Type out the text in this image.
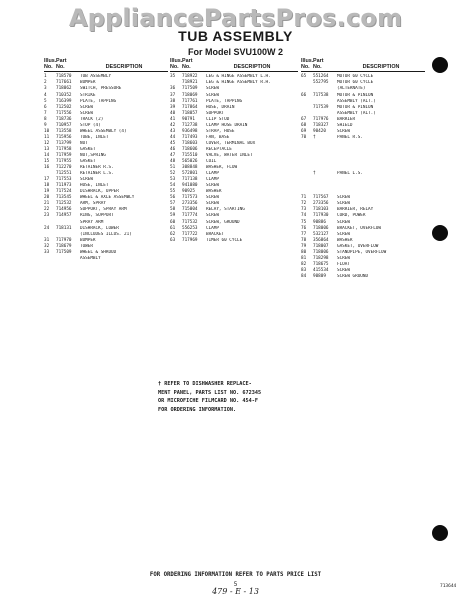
AppliancePartsPros.com
TUB ASSEMBLY
For Model SVU100W 2
Illus. Part
No. No.	DESCRIPTION
1	718570	TUB ASSEMBLY
2	717661	BUMPER
3	718062	SWITCH, PRESSURE
4	710352	STRIKE
5	716399	PLATE, TAPPING
6	712502	SCREW
7	717556	SCREW
8	718736	TRACK (2)
9	710957	STOP (4)
10	713558	WHEEL ASSEMBLY (4)
11	715956	TUBE, INLET
12	713799	NUT
13	717958	GASKET
14	717959	NUT,SPRING
15	717955	GASKET
16	712270	RETAINER R.S.
712551	RETAINER L.S.
17	717553	SCREW
18	711973	HOSE, INLET
19	717524	DISHRACK, UPPER
20	713545	WHEEL & AXLE ASSEMBLY
21	712532	ARM, SPRAY
22	714956	SUPPORT, SPRAY ARM
23	714957	RING, SUPPORT
SPRAY ARM
24	718131	DISHRACK, LOWER
(INCLUDES ILLUS. 21)
31	717970	BUMPER
32	718679	TOWER
33	717509	WHEEL & SHROUD
ASSEMBLY
Illus. Part
No. No.	DESCRIPTION
35	718922	LEG & HINGE ASSEMBLY L.H.
718921	LEG & HINGE ASSEMBLY R.H.
36	717509	SCREW
37	718069	SCREW
38	717761	PLATE, TAPPING
39	717864	HOSE, DRAIN
40	718057	SUPPORT
41	90791	CLIP STUD
42	712738	CLAMP HOSE DRAIN
43	936498	STRAP, HOSE
44	717493	FAN, BASE
45	718603	COVER, TERMINAL BOX
46	718606	RECEPTACLE
47	715510	VALVE, WATER INLET
48	565026	COIL
51	308848	WASHER, FLOW
52	572801	CLAMP
53	717138	CLAMP
54	941080	SCREW
55	90925	WASHER
56	717573	SCREW
57	273356	SCREW
58	715004	RELAY, STARTING
59	717774	SCREW
60	717532	SCREW, GROUND
61	556253	CLAMP
62	717722	BRACKET
63	717969	TIMER 60 CYCLE
Illus. Part
No. No.	DESCRIPTION
65	551264	MOTOR 60 CYCLE
552795	MOTOR 60 CYCLE
(ALTERNATE)
66	717538	MOTOR & PINION
ASSEMBLY (ALT.)
717539	MOTOR & PINION
ASSEMBLY (ALT.)
67	717976	BARRIER
68	718327	SHIELD
69	90420	SCREW
70	†	PANEL R.S.
†	PANEL L.S.
71	717567	SCREW
72	273356	SCREW
73	718103	BARRIER, RELAY
74	717930	CORD, POWER
75	90886	SCREW
76	718006	BRACKET, OVERFLOW
77	532127	SCREW
78	356864	WASHER
79	718007	GASKET, OVERFLOW
80	718006	STANDPIPE, OVERFLOW
81	718298	SCREW
82	718675	FLOAT
83	415534	SCREW
84	90809	SCREW GROUND
† REFER TO DISHWASHER REPLACE-
MENT PANEL, PARTS LIST NO. 672345
OR MICROFICHE FILMCARD NO. 454-F
FOR ORDERING INFORMATION.
FOR ORDERING INFORMATION REFER TO PARTS PRICE LIST
5
479 - E - 13
713644
